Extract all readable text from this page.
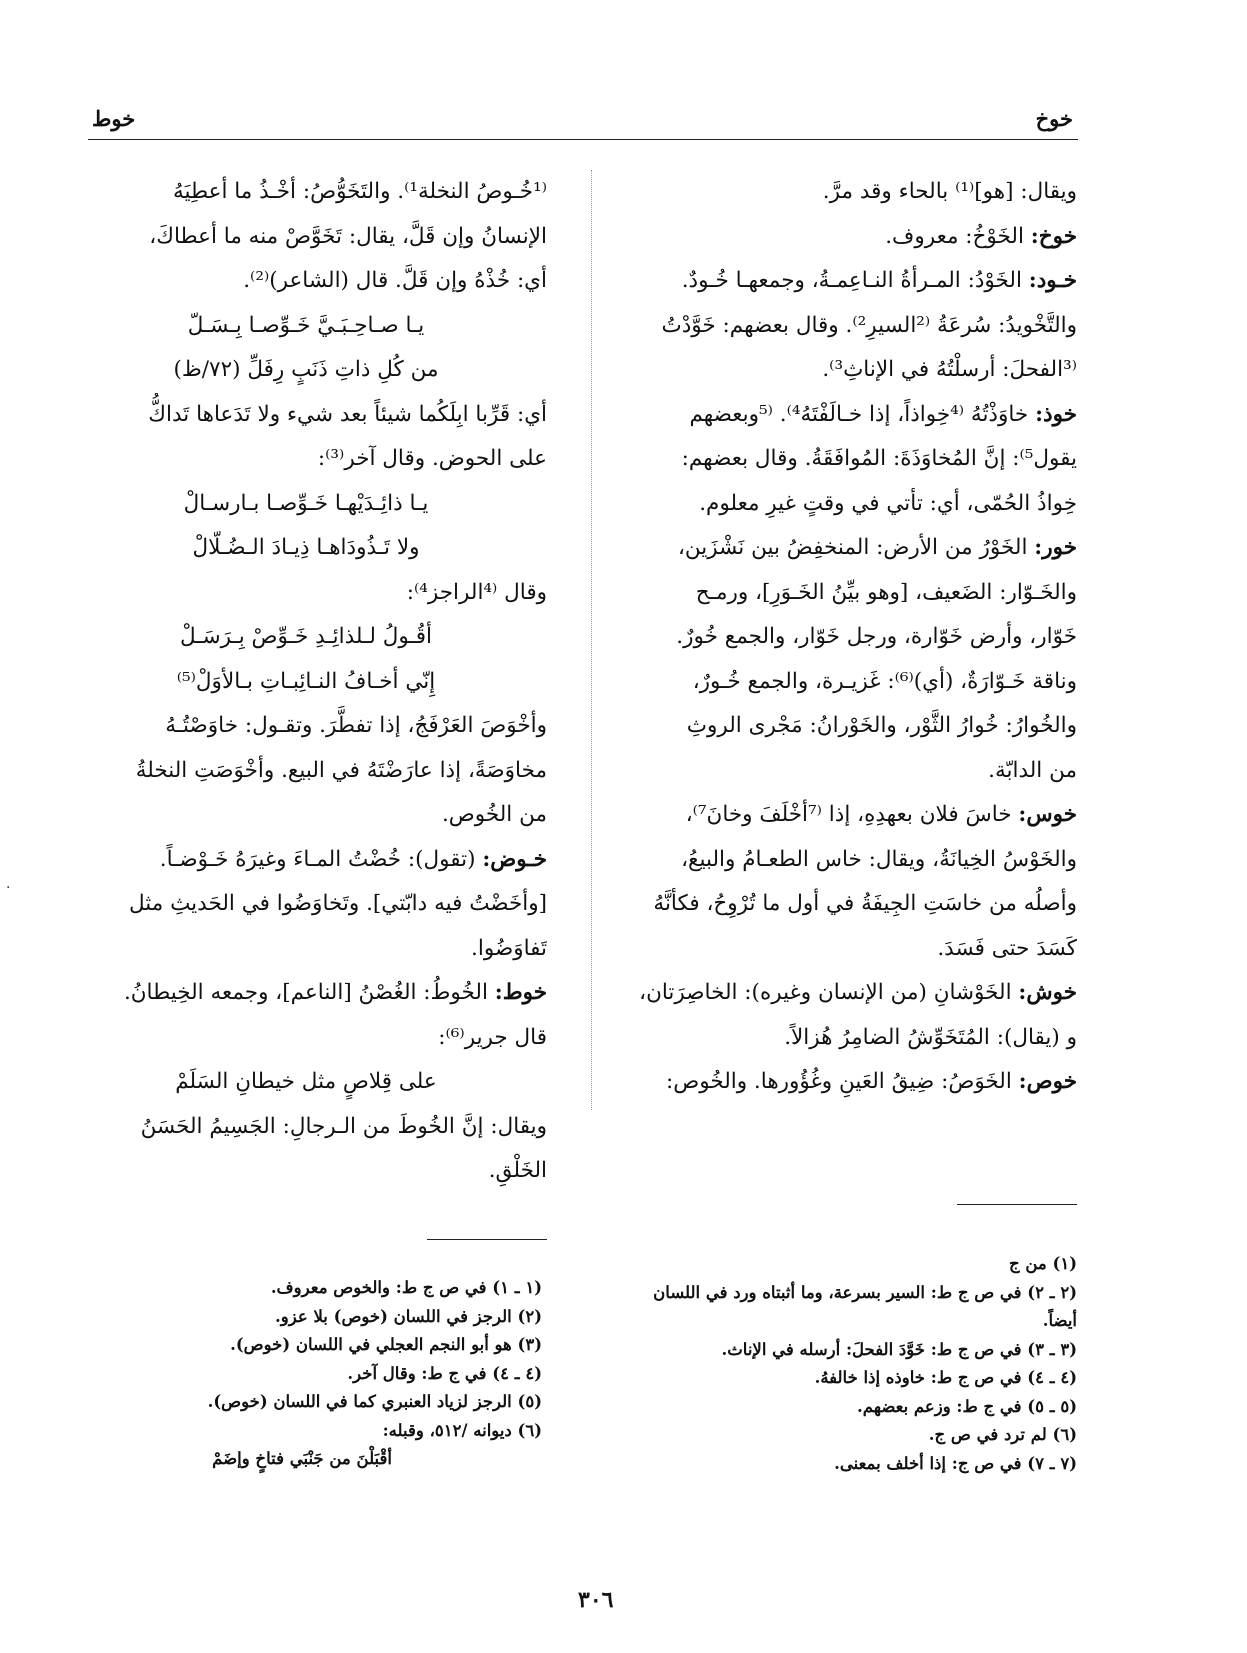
خوخ
خوط
ويقال: [هو]⁽¹⁾ بالحاء وقد مرَّ.
خوخ: الخَوْخُ: معروف.
خـود: الخَوْدُ: المـرأةُ النـاعِمـةُ، وجمعهـا خُـودٌ.
والتَّخْويدُ: سُرعَةُ ⁽²السيرِ²⁾. وقال بعضهم: خَوَّدْتُ
⁽³الفحلَ: أرسلْتُهُ في الإناثِ³⁾.
خوذ: خاوَذْتُهُ ⁽⁴خِواذاً، إذا خـالَفْتَهُ⁴⁾. ⁽⁵وبعضهم
يقول⁵⁾: إنَّ المُخاوَذَةَ: المُوافَقَةُ. وقال بعضهم:
خِواذُ الحُمّى، أي: تأتي في وقتٍ غيرِ معلوم.
خور: الخَوْرُ من الأرض: المنخفِضُ بين نَشْزَين،
والخَـوّار: الضَعيف، [وهو بيِّنُ الخَـوَرِ]، ورمـح
خَوّار، وأرض خَوّارة، ورجل خَوّار، والجمع خُورٌ.
وناقة خَـوّارَةٌ، (أي)⁽⁶⁾: غَزيـرة، والجمع خُـورٌ،
والخُوارُ: خُوارُ الثَّوْر، والخَوْرانُ: مَجْرى الروثِ
من الدابّة.
خوس: خاسَ فلان بعهدِهِ، إذا ⁽⁷أخْلَفَ وخانَ⁷⁾،
والخَوْسُ الخِيانَةُ، ويقال: خاس الطعـامُ والبيعُ،
وأصلُه من خاسَتِ الجِيفَةُ في أول ما تُرْوِحُ، فكأنَّهُ
كَسَدَ حتى فَسَدَ.
خوش: الخَوْشانِ (من الإنسان وغيره): الخاصِرَتان،
و (يقال): المُتَخَوِّشُ الضامِرُ هُزالاً.
خوص: الخَوَصُ: ضِيقُ العَينِ وغُؤُورها. والخُوص:
⁽¹خُـوصُ النخلة¹⁾. والتَخَوُّصُ: أخْـذُ ما أعطِيَهُ
الإنسانُ وإن قَلَّ، يقال: تَخَوَّصْ منه ما أعطاكَ،
أي: خُذْهُ وإن قَلَّ. قال (الشاعر)⁽²⁾.
يـا صـاحِـبَـيَّ خَـوِّصـا بِـسَـلّ
من كُلِ ذاتِ ذَنَبٍ رِفَلِّ (٧٢/ظ)
أي: قَرِّبا ابِلَكُما شيئاً بعد شيء ولا تَدَعاها تَداكُّ
على الحوض. وقال آخر⁽³⁾:
يـا ذائِـدَيْهـا خَـوِّصـا بـارسـالْ
ولا تَـذُودَاهـا ذِيـادَ الـضُـلّالْ
وقال ⁽⁴الراجز⁴⁾:
أقُـولُ لـلذائِـدِ خَـوِّصْ بِـرَسَـلْ
إِنّي أخـافُ النـائِبـاتِ بـالأوَلْ⁽⁵⁾
وأخْوَصَ العَرْفَجُ، إذا تفطَّرَ. وتقـول: خاوَصْتُـهُ
مخاوَصَةً، إذا عارَضْتَهُ في البيع. وأخْوَصَتِ النخلةُ
من الخُوص.
خـوض: (تقول): خُضْتُ المـاءَ وغيرَهُ خَـوْضـاً.
[وأخَضْتُ فيه دابّتي]. وتَخاوَضُوا في الحَديثِ مثل
تَفاوَضُوا.
خوط: الخُوطُ: الغُصْنُ [الناعم]، وجمعه الخِيطانُ.
قال جرير⁽⁶⁾:
على قِلاصٍ مثل خيطانِ السَلَمْ
ويقال: إنَّ الخُوطَ من الـرجالِ: الجَسِيمُ الحَسَنُ
الخَلْقِ.
(١) من ج
(٢ ـ ٢) في ص ج ط: السير بسرعة، وما أثبتاه ورد في اللسان
أيضاً.
(٣ ـ ٣) في ص ج ط: خَوَّدَ الفحلَ: أرسله في الإناث.
(٤ ـ ٤) في ص ج ط: خاوذه إذا خالفهُ.
(٥ ـ ٥) في ج ط: وزعم بعضهم.
(٦) لم ترد في ص ج.
(٧ ـ ٧) في ص ج: إذا أخلف بمعنى.
(١ ـ ١) في ص ج ط: والخوص معروف.
(٢) الرجز في اللسان (خوص) بلا عزو.
(٣) هو أبو النجم العجلي في اللسان (خوص).
(٤ ـ ٤) في ج ط: وقال آخر.
(٥) الرجز لزياد العنبري كما في اللسان (خوص).
(٦) ديوانه /٥١٢، وقبله:
أقْبَلْنَ من جَنْبَي فتاخٍ وإضَمْ
٣٠٦
·
